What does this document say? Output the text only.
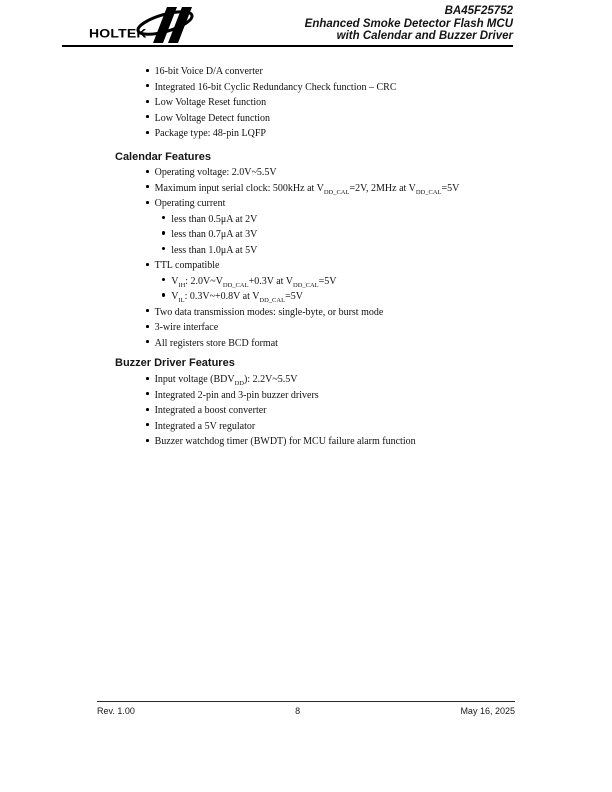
HOLTEK
BA45F25752
Enhanced Smoke Detector Flash MCU
with Calendar and Buzzer Driver
16-bit Voice D/A converter
Integrated 16-bit Cyclic Redundancy Check function – CRC
Low Voltage Reset function
Low Voltage Detect function
Package type: 48-pin LQFP
Calendar Features
Operating voltage: 2.0V~5.5V
Maximum input serial clock: 500kHz at $V_{DD\_CAL}=2V$, 2MHz at $V_{DD\_CAL}=5V$
Operating current
less than 0.5μA at 2V
less than 0.7μA at 3V
less than 1.0μA at 5V
TTL compatible
$V_{IH}$: $2.0V\sim V_{DD\_CAL}+0.3V$ at $V_{DD\_CAL}=5V$
$V_{IL}$: 0.3V~+0.8V at $V_{DD\_CAL}=5V$
Two data transmission modes: single-byte, or burst mode
3-wire interface
All registers store BCD format
Buzzer Driver Features
Input voltage $(BDV_{DD})$: 2.2V~5.5V
Integrated 2-pin and 3-pin buzzer drivers
Integrated a boost converter
Integrated a 5V regulator
Buzzer watchdog timer (BWDT) for MCU failure alarm function
Rev. 1.00	8	May 16, 2025
